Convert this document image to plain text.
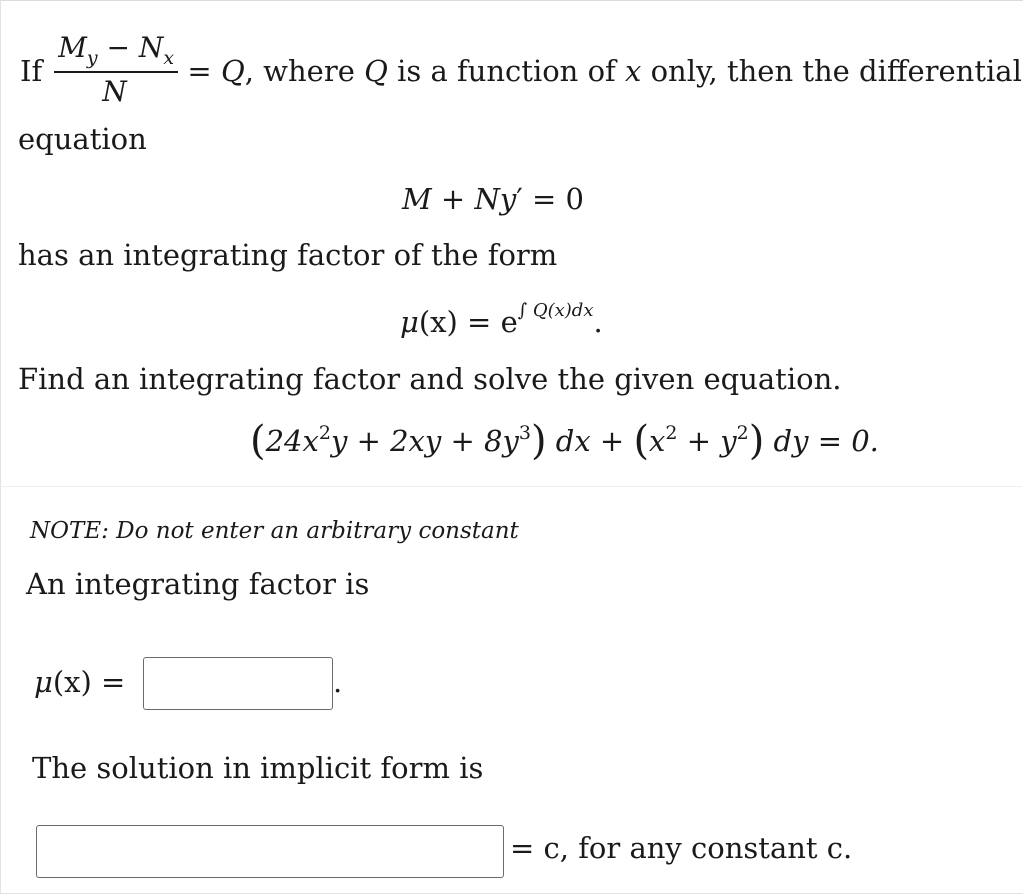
If $\frac{M_y - N_x}{N} = Q$ , where Q is a function of x only, then the differential
equation
M + Ny′ = 0
has an integrating factor of the form
$\mu(x) = e^{\int Q(x)dx}$.
Find an integrating factor and solve the given equation.
$(24x^2y + 2xy + 8y^3)$ dx + $(x^2 + y^2)$ dy = 0.
NOTE: Do not enter an arbitrary constant
An integrating factor is
μ(x) =	.
The solution in implicit form is
= c, for any constant c.
